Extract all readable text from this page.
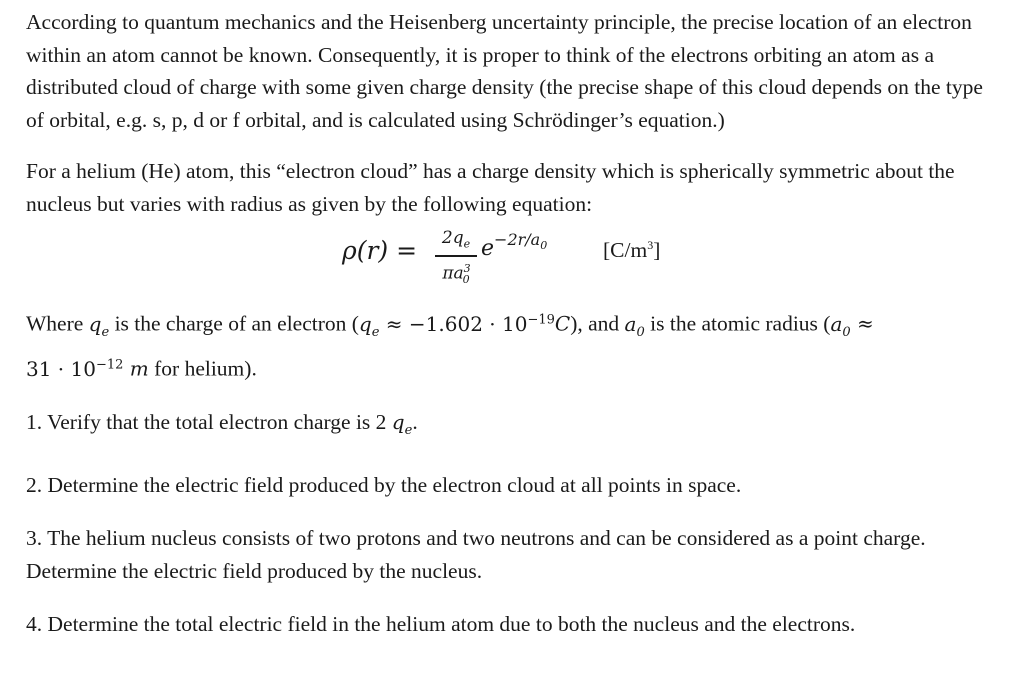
According to quantum mechanics and the Heisenberg uncertainty principle, the precise location of an electron within an atom cannot be known. Consequently, it is proper to think of the electrons orbiting an atom as a distributed cloud of charge with some given charge density (the precise shape of this cloud depends on the type of orbital, e.g. s, p, d or f orbital, and is calculated using Schrödinger’s equation.)

For a helium (He) atom, this “electron cloud” has a charge density which is spherically symmetric about the nucleus but varies with radius as given by the following equation:

ρ(r) =	$2q_e$
$\pi a^3_0$
$e^{-2r/a_0}$	$[C/m^3]$

Where $q_e$ is the charge of an electron $(q_e \approx -1.602 \cdot 10^{-19}C)$, and $a_0$ is the atomic radius ($a_0$ ≈
$31 \cdot 10^{-12}$ m for helium).

1. Verify that the total electron charge is 2 $q_e$.

2. Determine the electric field produced by the electron cloud at all points in space.

3. The helium nucleus consists of two protons and two neutrons and can be considered as a point charge. Determine the electric field produced by the nucleus.

4. Determine the total electric field in the helium atom due to both the nucleus and the electrons.
